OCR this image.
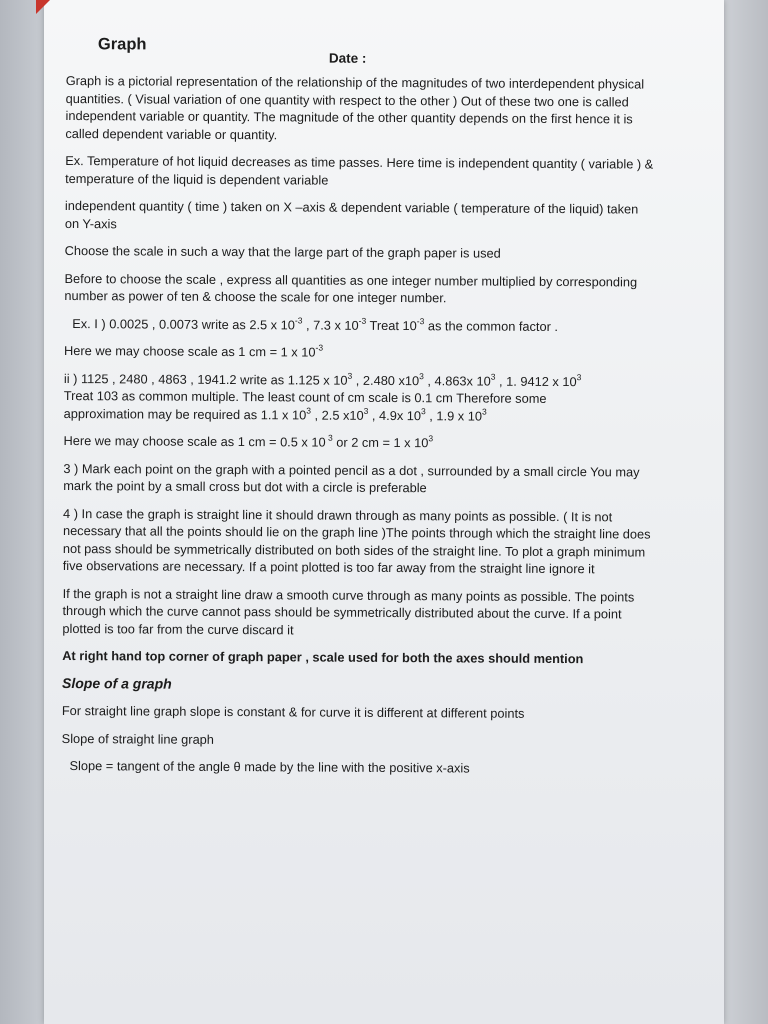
Graph
Date :

Graph is a pictorial representation of the relationship of the magnitudes of two interdependent physical quantities. ( Visual variation of one quantity with respect to the other ) Out of these two one is called independent variable or quantity. The magnitude of the other quantity depends on the first hence it is called dependent variable or quantity.

Ex. Temperature of hot liquid decreases as time passes. Here time is independent quantity ( variable ) & temperature of the liquid is dependent variable

independent quantity ( time ) taken on X –axis & dependent variable ( temperature of the liquid) taken on Y-axis

Choose the scale in such a way that the large part of the graph paper is used

Before to choose the scale , express all quantities as one integer number multiplied by corresponding number as power of ten & choose the scale for one integer number.

Ex. I ) 0.0025 , 0.0073 write as 2.5 x $10^{-3}$ , 7.3 x $10^{-3}$ Treat $10^{-3}$ as the common factor .

Here we may choose scale as 1 cm = 1 x $10^{-3}$

ii ) 1125 , 2480 , 4863 , 1941.2 write as 1.125 x $10^3$ , 2.480 $x10^3$ , 4.863x $10^3$ , 1. 9412 x $10^3$
Treat 103 as common multiple. The least count of cm scale is 0.1 cm Therefore some
approximation may be required as 1.1 x $10^3$ , 2.5 $x10^3$ , 4.9x $10^3$ , 1.9 x $10^3$

Here we may choose scale as 1 cm = 0.5 x 10 $^3$ or 2 cm = 1 x $10^3$

3 ) Mark each point on the graph with a pointed pencil as a dot , surrounded by a small circle You may mark the point by a small cross but dot with a circle is preferable

4 ) In case the graph is straight line it should drawn through as many points as possible. ( It is not necessary that all the points should lie on the graph line )The points through which the straight line does not pass should be symmetrically distributed on both sides of the straight line. To plot a graph minimum five observations are necessary. If a point plotted is too far away from the straight line ignore it

If the graph is not a straight line draw a smooth curve through as many points as possible. The points through which the curve cannot pass should be symmetrically distributed about the curve. If a point plotted is too far from the curve discard it

At right hand top corner of graph paper , scale used for both the axes should mention

Slope of a graph

For straight line graph slope is constant & for curve it is different at different points

Slope of straight line graph

Slope = tangent of the angle θ made by the line with the positive x-axis
